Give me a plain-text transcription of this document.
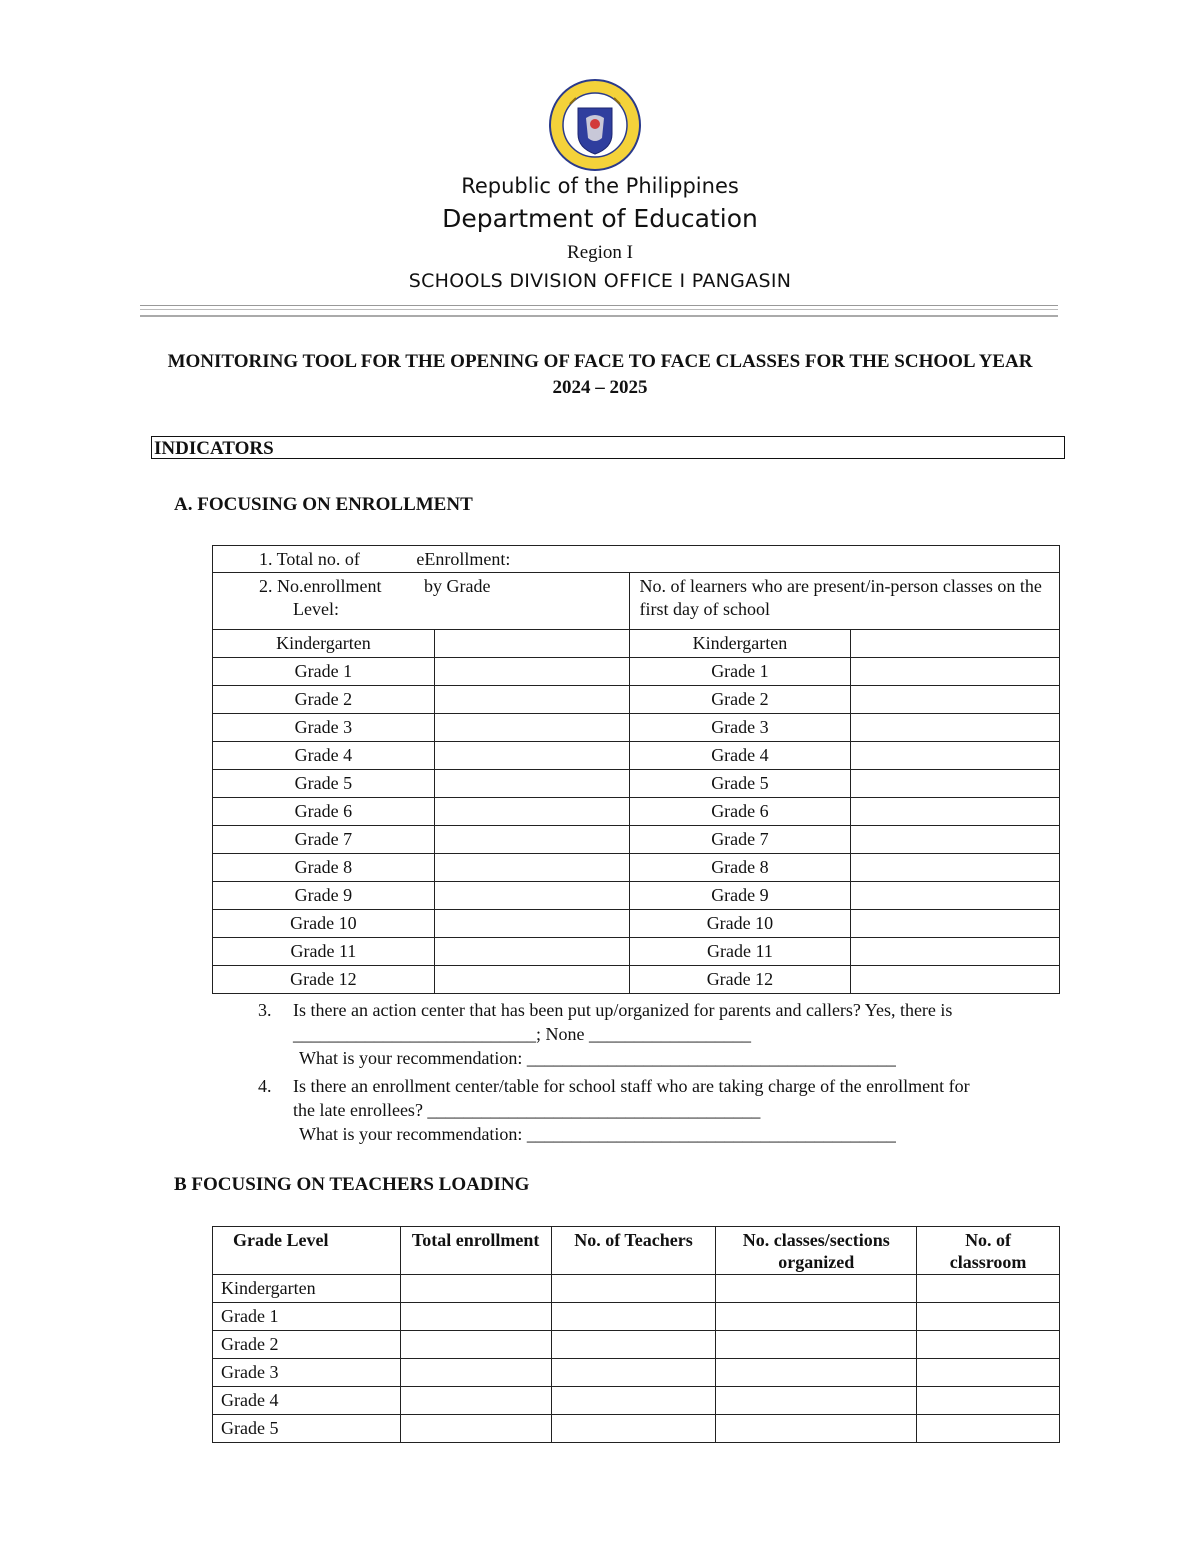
Republic of the Philippines
Department of Education
Region I
SCHOOLS DIVISION OFFICE I PANGASIN
MONITORING TOOL FOR THE OPENING OF FACE TO FACE CLASSES FOR THE SCHOOL YEAR
2024 – 2025
INDICATORS
A. FOCUSING ON ENROLLMENT
1. Total no. of eEnrollment:			

2. No.enrollment by Grade
Level:		No. of learners who are present/in-person classes on the first day of school	
Kindergarten		Kindergarten	
Grade 1		Grade 1	
Grade 2		Grade 2	
Grade 3		Grade 3	
Grade 4		Grade 4	
Grade 5		Grade 5	
Grade 6		Grade 6	
Grade 7		Grade 7	
Grade 8		Grade 8	
Grade 9		Grade 9	
Grade 10		Grade 10	
Grade 11		Grade 11	
Grade 12		Grade 12	
3.	Is there an action center that has been put up/organized for parents and callers? Yes, there is
___________________________; None __________________
What is your recommendation: _________________________________________
4.	Is there an enrollment center/table for school staff who are taking charge of the enrollment for
the late enrollees? _____________________________________
What is your recommendation: _________________________________________
B FOCUSING ON TEACHERS LOADING
Grade Level	Total enrollment	No. of Teachers	No. classes/sections organized	No. of classroom
Kindergarten				
Grade 1				
Grade 2				
Grade 3				
Grade 4				
Grade 5				
